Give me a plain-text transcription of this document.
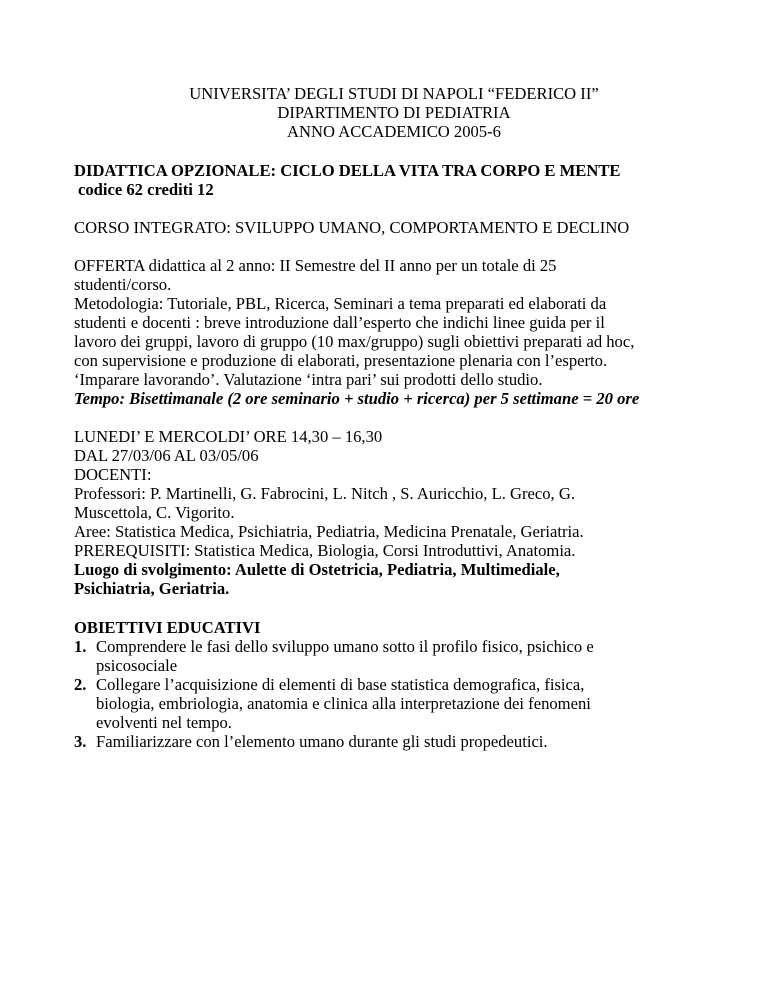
UNIVERSITA’ DEGLI STUDI DI NAPOLI “FEDERICO II”
DIPARTIMENTO DI PEDIATRIA
ANNO ACCADEMICO 2005-6

DIDATTICA OPZIONALE: CICLO DELLA VITA TRA CORPO E MENTE

codice 62 crediti 12

CORSO INTEGRATO: SVILUPPO UMANO, COMPORTAMENTO E DECLINO

OFFERTA didattica al 2 anno: II Semestre del II anno per un totale di 25

studenti/corso.

Metodologia: Tutoriale, PBL, Ricerca, Seminari a tema preparati ed elaborati da

studenti e docenti : breve introduzione dall’esperto che indichi linee guida per il

lavoro dei gruppi, lavoro di gruppo (10 max/gruppo) sugli obiettivi preparati ad hoc,

con supervisione e produzione di elaborati, presentazione plenaria con l’esperto.

‘Imparare lavorando’. Valutazione ‘intra pari’ sui prodotti dello studio.

Tempo: Bisettimanale (2 ore seminario + studio + ricerca) per 5 settimane = 20 ore

LUNEDI’ E MERCOLDI’ ORE 14,30 – 16,30

DAL 27/03/06 AL 03/05/06

DOCENTI:

Professori: P. Martinelli, G. Fabrocini, L. Nitch , S. Auricchio, L. Greco, G.

Muscettola, C. Vigorito.

Aree: Statistica Medica, Psichiatria, Pediatria, Medicina Prenatale, Geriatria.

PREREQUISITI: Statistica Medica, Biologia, Corsi Introduttivi, Anatomia.

Luogo di svolgimento: Aulette di Ostetricia, Pediatria, Multimediale,

Psichiatria, Geriatria.

OBIETTIVI EDUCATIVI

1. Comprendere le fasi dello sviluppo umano sotto il profilo fisico, psichico e

psicosociale

2. Collegare l’acquisizione di elementi di base statistica demografica, fisica,

biologia, embriologia, anatomia e clinica alla interpretazione dei fenomeni

evolventi nel tempo.

3. Familiarizzare con l’elemento umano durante gli studi propedeutici.
